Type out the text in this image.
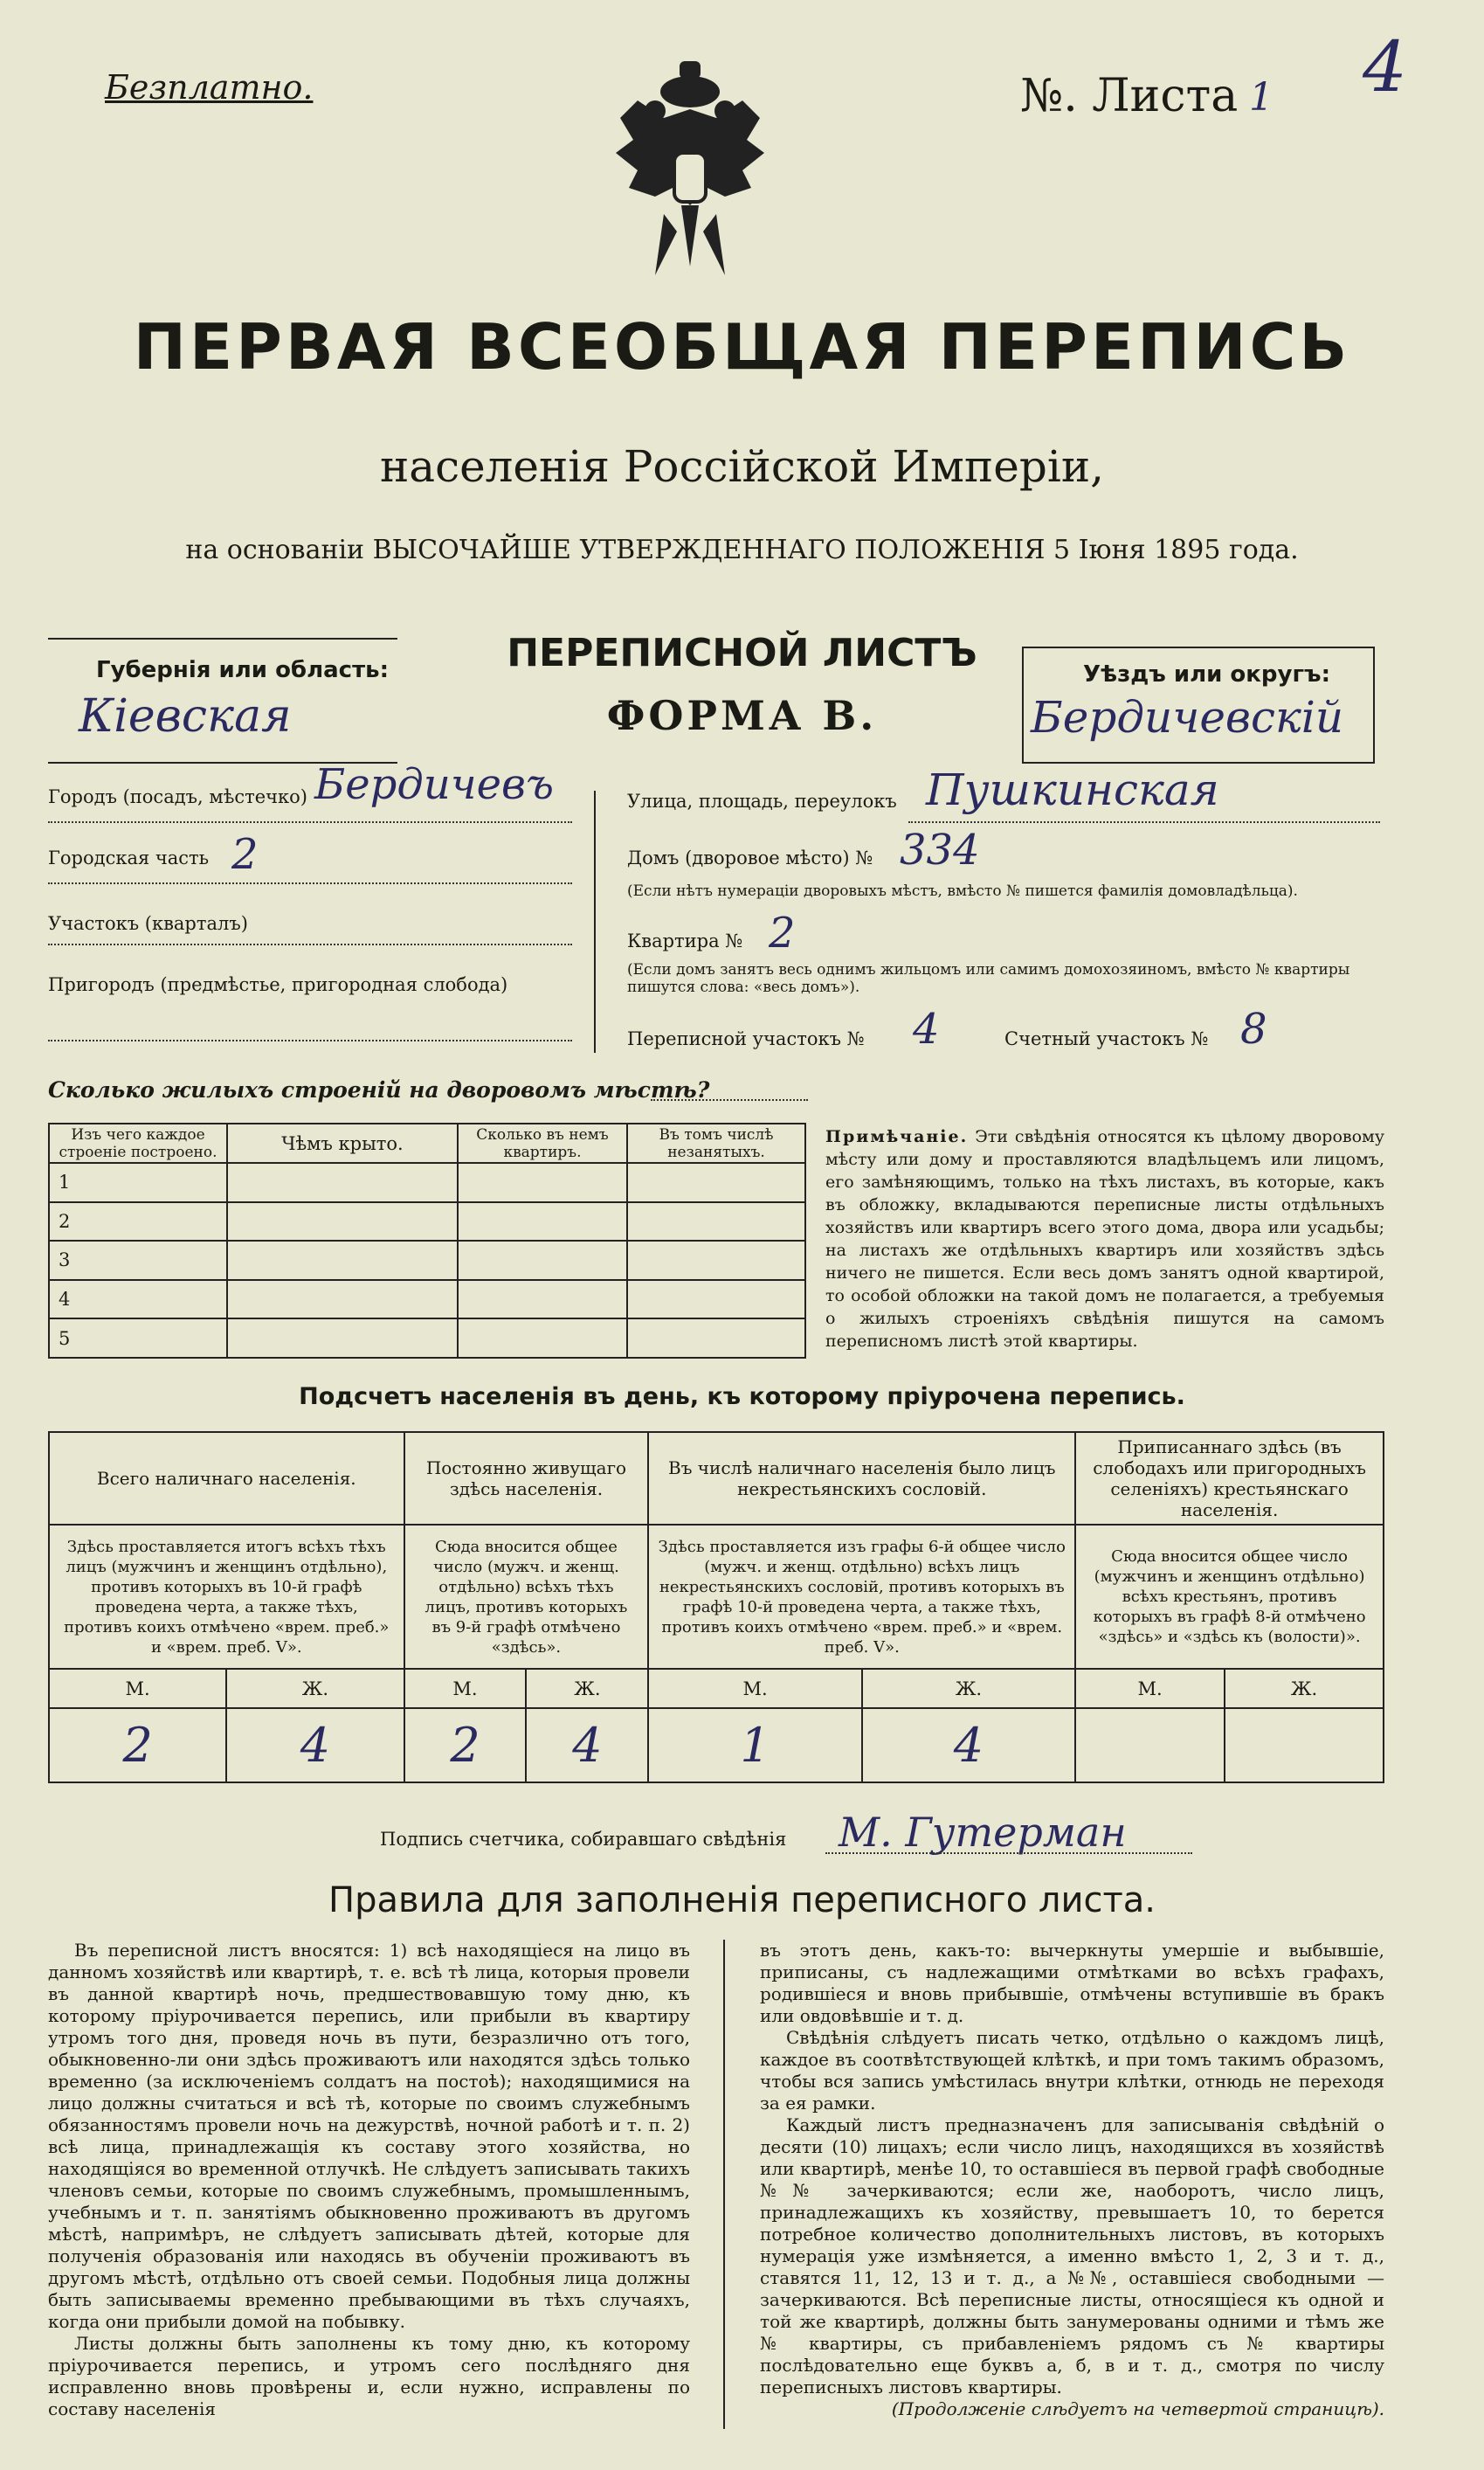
Безплатно.	№. Листа 1 4
ПЕРВАЯ ВСЕОБЩАЯ ПЕРЕПИСЬ
населенія Россійской Имперіи,
на основаніи ВЫСОЧАЙШЕ УТВЕРЖДЕННАГО ПОЛОЖЕНІЯ 5 Іюня 1895 года.
Губернія или область:
Кіевская
ПЕРЕПИСНОЙ ЛИСТЪ
ФОРМА В.
Уѣздъ или округъ:
Бердичевскій
Городъ (посадъ, мѣстечко) Бердичевъ
Городская часть 2
Участокъ (кварталъ)
Пригородъ (предмѣстье, пригородная слобода)
Улица, площадь, переулокъ Пушкинская
Домъ (дворовое мѣсто) № 334
(Если нѣтъ нумераціи дворовыхъ мѣстъ, вмѣсто № пишется фамилія домовладѣльца).
Квартира № 2
(Если домъ занятъ весь однимъ жильцомъ или самимъ домохозяиномъ, вмѣсто № квартиры пишутся слова: «весь домъ»).
Переписной участокъ № 4	Счетный участокъ № 8
Сколько жилыхъ строеній на дворовомъ мѣстѣ?
Изъ чего каждое строеніе построено.	Чѣмъ крыто.	Сколько въ немъ квартиръ.	Въ томъ числѣ незанятыхъ.
1			
2			
3			
4			
5			
Примѣчаніе. Эти свѣдѣнія относятся къ цѣлому дворовому мѣсту или дому и проставляются владѣльцемъ или лицомъ, его замѣняющимъ, только на тѣхъ листахъ, въ которые, какъ въ обложку, вкладываются переписные листы отдѣльныхъ хозяйствъ или квартиръ всего этого дома, двора или усадьбы; на листахъ же отдѣльныхъ квартиръ или хозяйствъ здѣсь ничего не пишется. Если весь домъ занятъ одной квартирой, то особой обложки на такой домъ не полагается, а требуемыя о жилыхъ строеніяхъ свѣдѣнія пишутся на самомъ переписномъ листѣ этой квартиры.
Подсчетъ населенія въ день, къ которому пріурочена перепись.
Всего наличнаго населенія.		Постоянно живущаго здѣсь населенія.		Въ числѣ наличнаго населенія было лицъ некрестьянскихъ сословій.		Приписаннаго здѣсь (въ слободахъ или пригородныхъ селеніяхъ) крестьянскаго населенія.	
Здѣсь проставляется итогъ всѣхъ тѣхъ лицъ (мужчинъ и женщинъ отдѣльно), противъ которыхъ въ 10-й графѣ проведена черта, а также тѣхъ, противъ коихъ отмѣчено «врем. преб.» и «врем. преб. V».		Сюда вносится общее число (мужч. и женщ. отдѣльно) всѣхъ тѣхъ лицъ, противъ которыхъ въ 9-й графѣ отмѣчено «здѣсь».		Здѣсь проставляется изъ графы 6-й общее число (мужч. и женщ. отдѣльно) всѣхъ лицъ некрестьянскихъ сословій, противъ которыхъ въ графѣ 10-й проведена черта, а также тѣхъ, противъ коихъ отмѣчено «врем. преб.» и «врем. преб. V».		Сюда вносится общее число (мужчинъ и женщинъ отдѣльно) всѣхъ крестьянъ, противъ которыхъ въ графѣ 8-й отмѣчено «здѣсь» и «здѣсь къ (волости)».	
М.	Ж.	М.	Ж.	М.	Ж.	М.	Ж.
2	4	2	4	1	4		
Подпись счетчика, собиравшаго свѣдѣнія М. Гутерман
Правила для заполненія переписного листа.

Въ переписной листъ вносятся: 1) всѣ находящіеся на лицо въ данномъ хозяйствѣ или квартирѣ, т. е. всѣ тѣ лица, которыя провели въ данной квартирѣ ночь, предшествовавшую тому дню, къ которому пріурочивается перепись, или прибыли въ квартиру утромъ того дня, проведя ночь въ пути, безразлично отъ того, обыкновенно-ли они здѣсь проживаютъ или находятся здѣсь только временно (за исключеніемъ солдатъ на постоѣ); находящимися на лицо должны считаться и всѣ тѣ, которые по своимъ служебнымъ обязанностямъ провели ночь на дежурствѣ, ночной работѣ и т. п. 2) всѣ лица, принадлежащія къ составу этого хозяйства, но находящіяся во временной отлучкѣ. Не слѣдуетъ записывать такихъ членовъ семьи, которые по своимъ служебнымъ, промышленнымъ, учебнымъ и т. п. занятіямъ обыкновенно проживаютъ въ другомъ мѣстѣ, напримѣръ, не слѣдуетъ записывать дѣтей, которые для полученія образованія или находясь въ обученіи проживаютъ въ другомъ мѣстѣ, отдѣльно отъ своей семьи. Подобныя лица должны быть записываемы временно пребывающими въ тѣхъ случаяхъ, когда они прибыли домой на побывку.

Листы должны быть заполнены къ тому дню, къ которому пріурочивается перепись, и утромъ сего послѣдняго дня исправленно вновь провѣрены и, если нужно, исправлены по составу населенія

въ этотъ день, какъ-то: вычеркнуты умершіе и выбывшіе, приписаны, съ надлежащими отмѣтками во всѣхъ графахъ, родившіеся и вновь прибывшіе, отмѣчены вступившіе въ бракъ или овдовѣвшіе и т. д.

Свѣдѣнія слѣдуетъ писать четко, отдѣльно о каждомъ лицѣ, каждое въ соотвѣтствующей клѣткѣ, и при томъ такимъ образомъ, чтобы вся запись умѣстилась внутри клѣтки, отнюдь не переходя за ея рамки.

Каждый листъ предназначенъ для записыванія свѣдѣній о десяти (10) лицахъ; если число лицъ, находящихся въ хозяйствѣ или квартирѣ, менѣе 10, то оставшіеся въ первой графѣ свободные №№ зачеркиваются; если же, наоборотъ, число лицъ, принадлежащихъ къ хозяйству, превышаетъ 10, то берется потребное количество дополнительныхъ листовъ, въ которыхъ нумерація уже измѣняется, а именно вмѣсто 1, 2, 3 и т. д., ставятся 11, 12, 13 и т. д., а №№, оставшіеся свободными — зачеркиваются. Всѣ переписные листы, относящіеся къ одной и той же квартирѣ, должны быть занумерованы одними и тѣмъ же № квартиры, съ прибавленіемъ рядомъ съ № квартиры послѣдовательно еще буквъ а, б, в и т. д., смотря по числу переписныхъ листовъ квартиры.

(Продолженіе слѣдуетъ на четвертой страницѣ).
